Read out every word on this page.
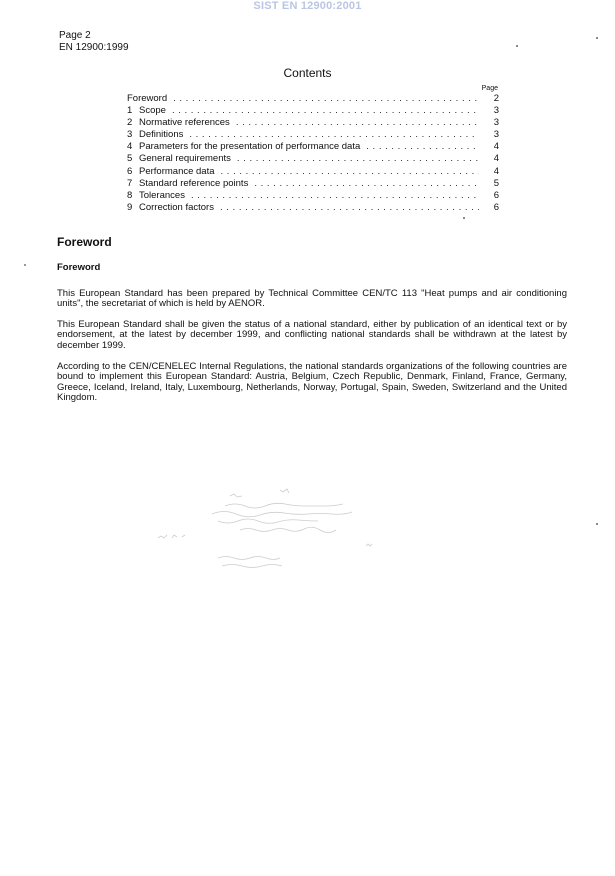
SIST EN 12900:2001
Page 2
EN 12900:1999
Contents
Page
Foreword . . .	2
1 Scope . . .	3
2 Normative references . . .	3
3 Definitions . . .	3
4 Parameters for the presentation of performance data . . .	4
5 General requirements . . .	4
6 Performance data . . .	4
7 Standard reference points . . .	5
8 Tolerances . . .	6
9 Correction factors . . .	6
Foreword
Foreword
This European Standard has been prepared by Technical Committee CEN/TC 113 "Heat pumps and air conditioning units", the secretariat of which is held by AENOR.
This European Standard shall be given the status of a national standard, either by publication of an identical text or by endorsement, at the latest by december 1999, and conflicting national standards shall be withdrawn at the latest by december 1999.
According to the CEN/CENELEC Internal Regulations, the national standards organizations of the following countries are bound to implement this European Standard: Austria, Belgium, Czech Republic, Denmark, Finland, France, Germany, Greece, Iceland, Ireland, Italy, Luxembourg, Netherlands, Norway, Portugal, Spain, Sweden, Switzerland and the United Kingdom.
